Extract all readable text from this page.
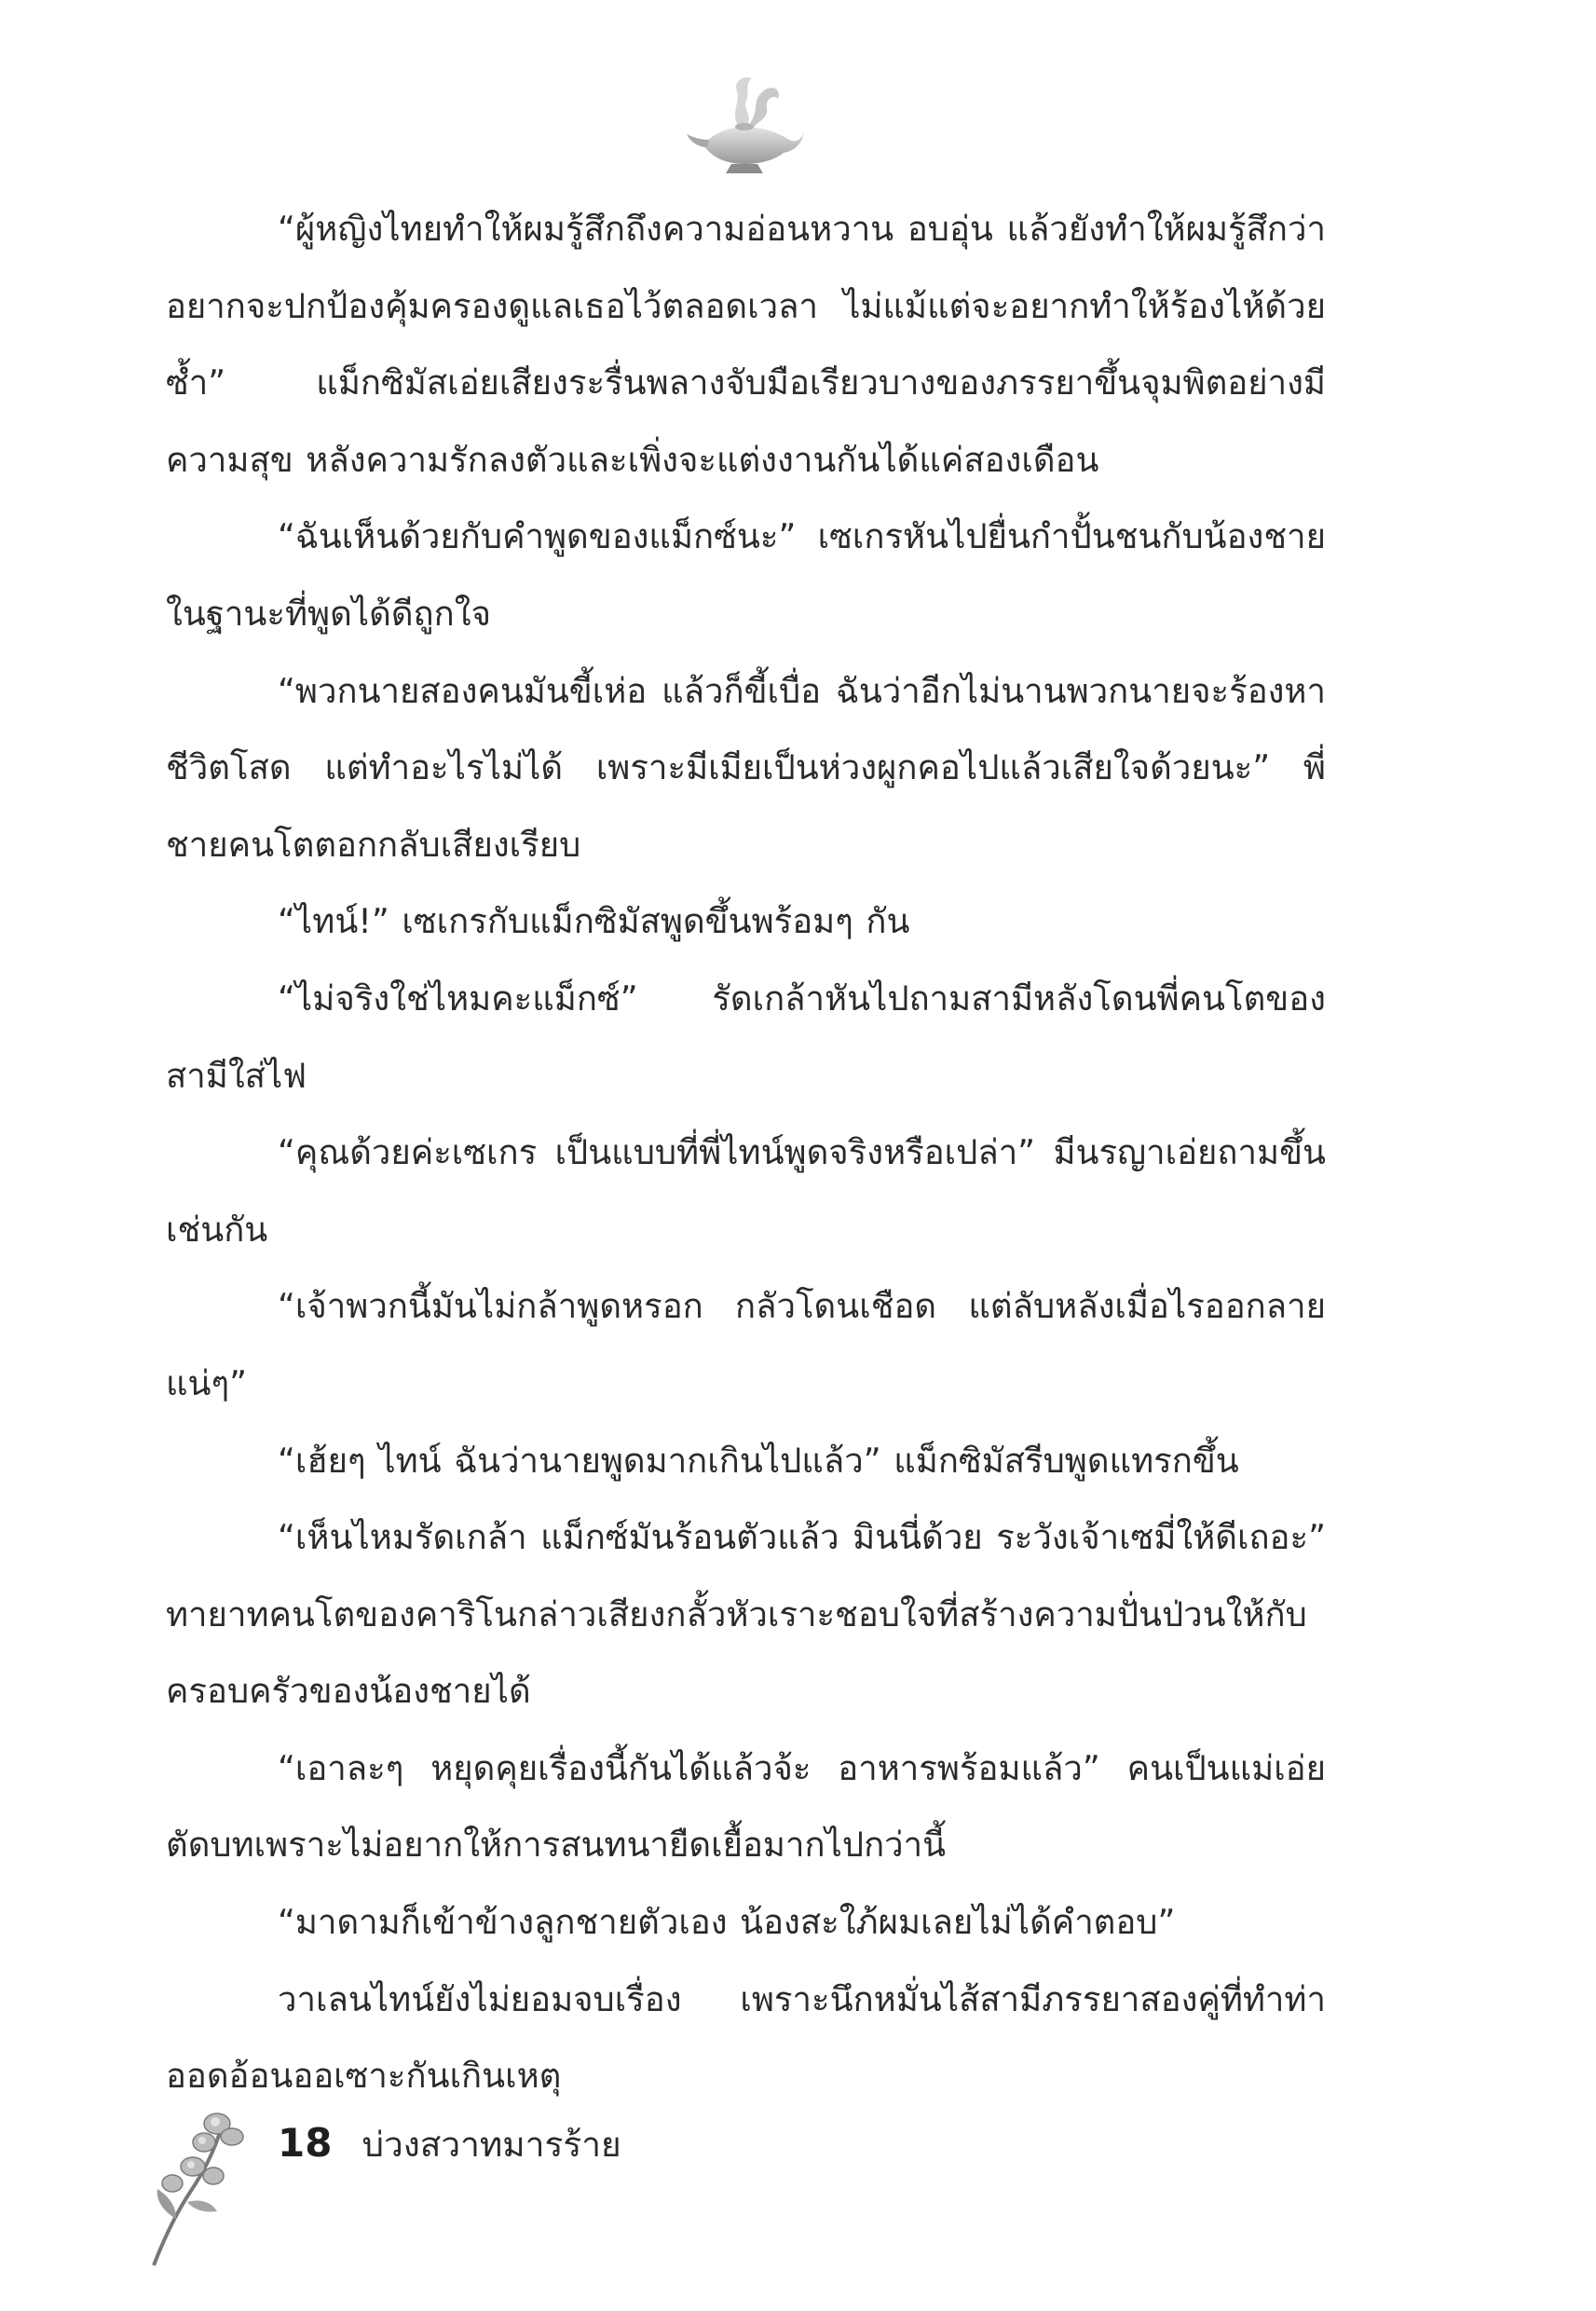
“ผู้หญิงไทยทำให้ผมรู้สึกถึงความอ่อนหวาน อบอุ่น แล้วยังทำให้ผมรู้สึกว่าอยากจะปกป้องคุ้มครองดูแลเธอไว้ตลอดเวลา ไม่แม้แต่จะอยากทำให้ร้องไห้ด้วยซ้ำ” แม็กซิมัสเอ่ยเสียงระรื่นพลางจับมือเรียวบางของภรรยาขึ้นจุมพิตอย่างมีความสุข หลังความรักลงตัวและเพิ่งจะแต่งงานกันได้แค่สองเดือน

“ฉันเห็นด้วยกับคำพูดของแม็กซ์นะ” เซเกรหันไปยื่นกำปั้นชนกับน้องชายในฐานะที่พูดได้ดีถูกใจ

“พวกนายสองคนมันขี้เห่อ แล้วก็ขี้เบื่อ ฉันว่าอีกไม่นานพวกนายจะร้องหาชีวิตโสด แต่ทำอะไรไม่ได้ เพราะมีเมียเป็นห่วงผูกคอไปแล้วเสียใจด้วยนะ” พี่ชายคนโตตอกกลับเสียงเรียบ

“ไทน์!” เซเกรกับแม็กซิมัสพูดขึ้นพร้อมๆ กัน

“ไม่จริงใช่ไหมคะแม็กซ์” รัดเกล้าหันไปถามสามีหลังโดนพี่คนโตของสามีใส่ไฟ

“คุณด้วยค่ะเซเกร เป็นแบบที่พี่ไทน์พูดจริงหรือเปล่า” มีนรญาเอ่ยถามขึ้นเช่นกัน

“เจ้าพวกนี้มันไม่กล้าพูดหรอก กลัวโดนเชือด แต่ลับหลังเมื่อไรออกลายแน่ๆ”

“เฮ้ยๆ ไทน์ ฉันว่านายพูดมากเกินไปแล้ว” แม็กซิมัสรีบพูดแทรกขึ้น

“เห็นไหมรัดเกล้า แม็กซ์มันร้อนตัวแล้ว มินนี่ด้วย ระวังเจ้าเซมี่ให้ดีเถอะ” ทายาทคนโตของคาริโนกล่าวเสียงกลั้วหัวเราะชอบใจที่สร้างความปั่นป่วนให้กับครอบครัวของน้องชายได้

“เอาละๆ หยุดคุยเรื่องนี้กันได้แล้วจ้ะ อาหารพร้อมแล้ว” คนเป็นแม่เอ่ยตัดบทเพราะไม่อยากให้การสนทนายืดเยื้อมากไปกว่านี้

“มาดามก็เข้าข้างลูกชายตัวเอง น้องสะใภ้ผมเลยไม่ได้คำตอบ”

วาเลนไทน์ยังไม่ยอมจบเรื่อง เพราะนึกหมั่นไส้สามีภรรยาสองคู่ที่ทำท่าออดอ้อนออเซาะกันเกินเหตุ

18 บ่วงสวาทมารร้าย
